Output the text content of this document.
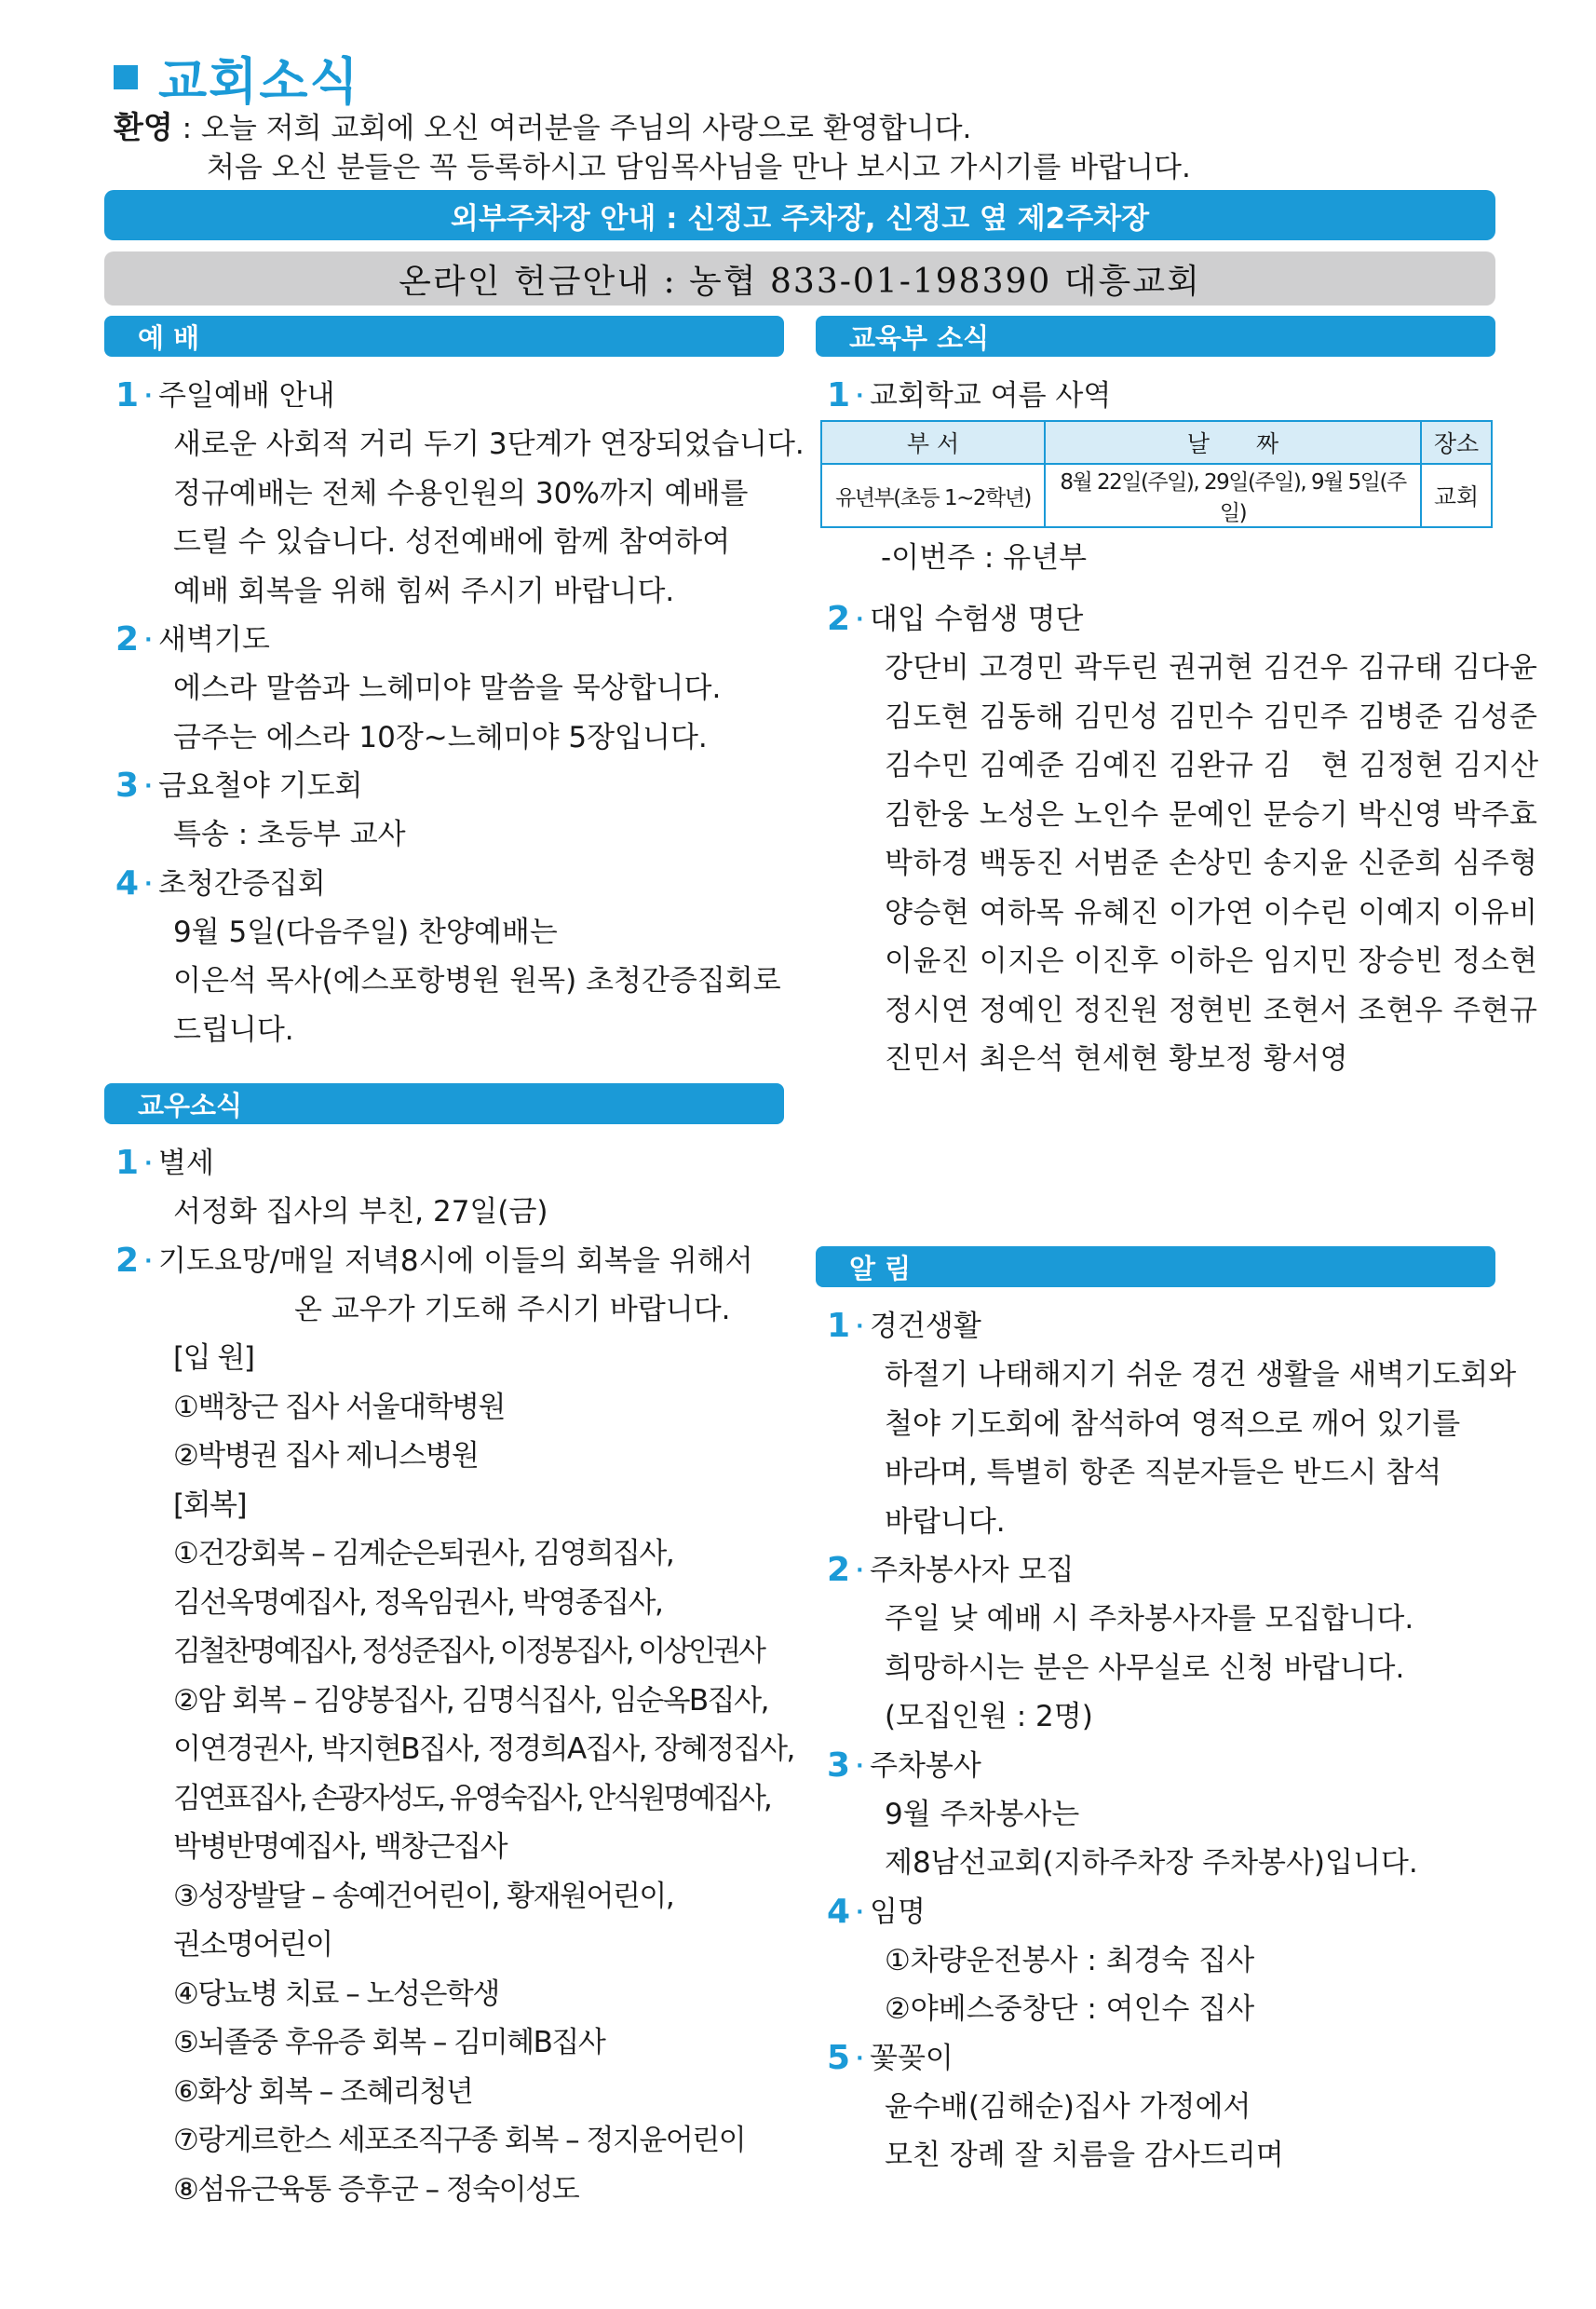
교회소식
환영 : 오늘 저희 교회에 오신 여러분을 주님의 사랑으로 환영합니다.
처음 오신 분들은 꼭 등록하시고 담임목사님을 만나 보시고 가시기를 바랍니다.
외부주차장 안내 : 신정고 주차장, 신정고 옆 제2주차장
온라인 헌금안내 : 농협 833-01-198390 대흥교회
예 배
1 · 주일예배 안내
새로운 사회적 거리 두기 3단계가 연장되었습니다.
정규예배는 전체 수용인원의 30%까지 예배를
드릴 수 있습니다. 성전예배에 함께 참여하여
예배 회복을 위해 힘써 주시기 바랍니다.
2 · 새벽기도
에스라 말씀과 느헤미야 말씀을 묵상합니다.
금주는 에스라 10장~느헤미야 5장입니다.
3 · 금요철야 기도회
특송 : 초등부 교사
4 · 초청간증집회
9월 5일(다음주일) 찬양예배는
이은석 목사(에스포항병원 원목) 초청간증집회로
드립니다.
교우소식
1 · 별세
서정화 집사의 부친, 27일(금)
2 · 기도요망/매일 저녁8시에 이들의 회복을 위해서
온 교우가 기도해 주시기 바랍니다.
[입 원]
①백창근 집사 서울대학병원
②박병권 집사 제니스병원
[회복]
①건강회복 – 김계순은퇴권사, 김영희집사,
김선옥명예집사, 정옥임권사, 박영종집사,
김철찬명예집사, 정성준집사, 이정봉집사, 이상인권사
②암 회복 – 김양봉집사, 김명식집사, 임순옥B집사,
이연경권사, 박지현B집사, 정경희A집사, 장혜정집사,
김연표집사, 손광자성도, 유영숙집사, 안식원명예집사,
박병반명예집사, 백창근집사
③성장발달 – 송예건어린이, 황재원어린이,
권소명어린이
④당뇨병 치료 – 노성은학생
⑤뇌졸중 후유증 회복 – 김미혜B집사
⑥화상 회복 – 조혜리청년
⑦랑게르한스 세포조직구종 회복 – 정지윤어린이
⑧섬유근육통 증후군 – 정숙이성도
교육부 소식
1 · 교회학교 여름 사역
부 서	날　　짜	장소
유년부(초등 1~2학년)	8월 22일(주일), 29일(주일), 9월 5일(주일)	교회
-이번주 : 유년부
2 · 대입 수험생 명단
강단비 고경민 곽두린 권귀현 김건우 김규태 김다윤
김도현 김동해 김민성 김민수 김민주 김병준 김성준
김수민 김예준 김예진 김완규 김　현 김정현 김지산
김한웅 노성은 노인수 문예인 문승기 박신영 박주효
박하경 백동진 서범준 손상민 송지윤 신준희 심주형
양승현 여하목 유혜진 이가연 이수린 이예지 이유비
이윤진 이지은 이진후 이하은 임지민 장승빈 정소현
정시연 정예인 정진원 정현빈 조현서 조현우 주현규
진민서 최은석 현세현 황보정 황서영
알 림
1 · 경건생활
하절기 나태해지기 쉬운 경건 생활을 새벽기도회와
철야 기도회에 참석하여 영적으로 깨어 있기를
바라며, 특별히 항존 직분자들은 반드시 참석
바랍니다.
2 · 주차봉사자 모집
주일 낮 예배 시 주차봉사자를 모집합니다.
희망하시는 분은 사무실로 신청 바랍니다.
(모집인원 : 2명)
3 · 주차봉사
9월 주차봉사는
제8남선교회(지하주차장 주차봉사)입니다.
4 · 임명
①차량운전봉사 : 최경숙 집사
②야베스중창단 : 여인수 집사
5 · 꽃꽂이
윤수배(김해순)집사 가정에서
모친 장례 잘 치름을 감사드리며
